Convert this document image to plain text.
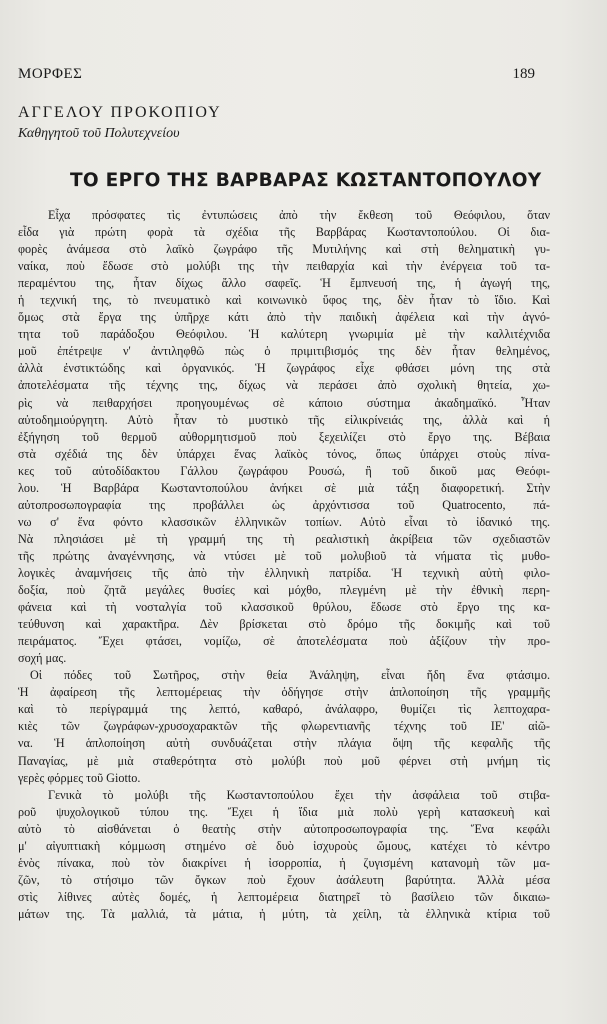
ΜΟΡΦΕΣ	189
ΑΓΓΕΛΟΥ ΠΡΟΚΟΠΙΟΥ
Καθηγητοῦ τοῦ Πολυτεχνείου
ΤΟ ΕΡΓΟ ΤΗΣ ΒΑΡΒΑΡΑΣ ΚΩΣΤΑΝΤΟΠΟΥΛΟΥ
Εἶχα πρόσφατες τὶς ἐντυπώσεις ἀπὸ τὴν ἔκθεση τοῦ Θεόφιλου, ὅταν
εἶδα γιὰ πρώτη φορὰ τὰ σχέδια τῆς Βαρβάρας Κωσταντοπούλου. Οἱ δια-
φορὲς ἀνάμεσα στὸ λαϊκὸ ζωγράφο τῆς Μυτιλήνης καὶ στὴ θεληματικὴ γυ-
ναίκα, ποὺ ἔδωσε στὸ μολύβι της τὴν πειθαρχία καὶ τὴν ἐνέργεια τοῦ τα-
περαμέντου της, ἦταν δίχως ἄλλο σαφεῖς. Ἡ ἔμπνευσή της, ἡ ἀγωγή της,
ἡ τεχνική της, τὸ πνευματικὸ καὶ κοινωνικὸ ὕφος της, δὲν ἦταν τὸ ἴδιο. Καὶ
ὅμως στὰ ἔργα της ὑπῆρχε κάτι ἀπὸ τὴν παιδικὴ ἀφέλεια καὶ τὴν ἀγνό-
τητα τοῦ παράδοξου Θεόφιλου. Ἡ καλύτερη γνωριμία μὲ τὴν καλλιτέχνιδα
μοῦ ἐπέτρεψε ν' ἀντιληφθῶ πὼς ὁ πριμιτιβισμός της δὲν ἦταν θελημένος,
ἀλλὰ ἐνστικτώδης καὶ ὀργανικός. Ἡ ζωγράφος εἶχε φθάσει μόνη της στὰ
ἀποτελέσματα τῆς τέχνης της, δίχως νὰ περάσει ἀπὸ σχολικὴ θητεία, χω-
ρὶς νὰ πειθαρχήσει προηγουμένως σὲ κάποιο σύστημα ἀκαδημαϊκό. Ἦταν
αὐτοδημιούργητη. Αὐτὸ ἦταν τὸ μυστικὸ τῆς εἰλικρίνειάς της, ἀλλὰ καὶ ἡ
ἐξήγηση τοῦ θερμοῦ αὐθορμητισμοῦ ποὺ ξεχειλίζει στὸ ἔργο της. Βέβαια
στὰ σχέδιά της δὲν ὑπάρχει ἕνας λαϊκὸς τόνος, ὅπως ὑπάρχει στοὺς πίνα-
κες τοῦ αὐτοδίδακτου Γάλλου ζωγράφου Ρουσώ, ἢ τοῦ δικοῦ μας Θεόφι-
λου. Ἡ Βαρβάρα Κωσταντοπούλου ἀνήκει σὲ μιὰ τάξη διαφορετική. Στὴν
αὐτοπροσωπογραφία της προβάλλει ὡς ἀρχόντισσα τοῦ Quatrocento, πά-
νω σ' ἕνα φόντο κλασσικῶν ἑλληνικῶν τοπίων. Αὐτὸ εἶναι τὸ ἰδανικό της.
Νὰ πλησιάσει μὲ τὴ γραμμή της τὴ ρεαλιστικὴ ἀκρίβεια τῶν σχεδιαστῶν
τῆς πρώτης ἀναγέννησης, νὰ ντύσει μὲ τοῦ μολυβιοῦ τὰ νήματα τὶς μυθο-
λογικὲς ἀναμνήσεις τῆς ἀπὸ τὴν ἑλληνικὴ πατρίδα. Ἡ τεχνικὴ αὐτὴ φιλο-
δοξία, ποὺ ζητᾶ μεγάλες θυσίες καὶ μόχθο, πλεγμένη μὲ τὴν ἐθνικὴ περη-
φάνεια καὶ τὴ νοσταλγία τοῦ κλασσικοῦ θρύλου, ἔδωσε στὸ ἔργο της κα-
τεύθυνση καὶ χαρακτῆρα. Δὲν βρίσκεται στὸ δρόμο τῆς δοκιμῆς καὶ τοῦ
πειράματος. Ἔχει φτάσει, νομίζω, σὲ ἀποτελέσματα ποὺ ἀξίζουν τὴν προ-
σοχή μας.
Οἱ πόδες τοῦ Σωτῆρος, στὴν θεία Ἀνάληψη, εἶναι ἤδη ἕνα φτάσιμο.
Ἡ ἀφαίρεση τῆς λεπτομέρειας τὴν ὁδήγησε στὴν ἁπλοποίηση τῆς γραμμῆς
καὶ τὸ περίγραμμά της λεπτό, καθαρό, ἀνάλαφρο, θυμίζει τὶς λεπτοχαρα-
κιὲς τῶν ζωγράφων-χρυσοχαρακτῶν τῆς φλωρεντιανῆς τέχνης τοῦ ΙΕ' αἰῶ-
να. Ἡ ἁπλοποίηση αὐτὴ συνδυάζεται στὴν πλάγια ὄψη τῆς κεφαλῆς τῆς
Παναγίας, μὲ μιὰ σταθερότητα στὸ μολύβι ποὺ μοῦ φέρνει στὴ μνήμη τὶς
γερὲς φόρμες τοῦ Giotto.
Γενικὰ τὸ μολύβι τῆς Κωσταντοπούλου ἔχει τὴν ἀσφάλεια τοῦ στιβα-
ροῦ ψυχολογικοῦ τύπου της. Ἔχει ἡ ἴδια μιὰ πολὺ γερὴ κατασκευὴ καὶ
αὐτὸ τὸ αἰσθάνεται ὁ θεατὴς στὴν αὐτοπροσωπογραφία της. Ἕνα κεφάλι
μ' αἰγυπτιακὴ κόμμωση στημένο σὲ δυὸ ἰσχυροὺς ὤμους, κατέχει τὸ κέντρο
ἑνὸς πίνακα, ποὺ τὸν διακρίνει ἡ ἰσορροπία, ἡ ζυγισμένη κατανομὴ τῶν μα-
ζῶν, τὸ στήσιμο τῶν ὄγκων ποὺ ἔχουν ἀσάλευτη βαρύτητα. Ἀλλὰ μέσα
στὶς λίθινες αὐτὲς δομές, ἡ λεπτομέρεια διατηρεῖ τὸ βασίλειο τῶν δικαιω-
μάτων της. Τὰ μαλλιά, τὰ μάτια, ἡ μύτη, τὰ χείλη, τὰ ἑλληνικὰ κτίρια τοῦ
